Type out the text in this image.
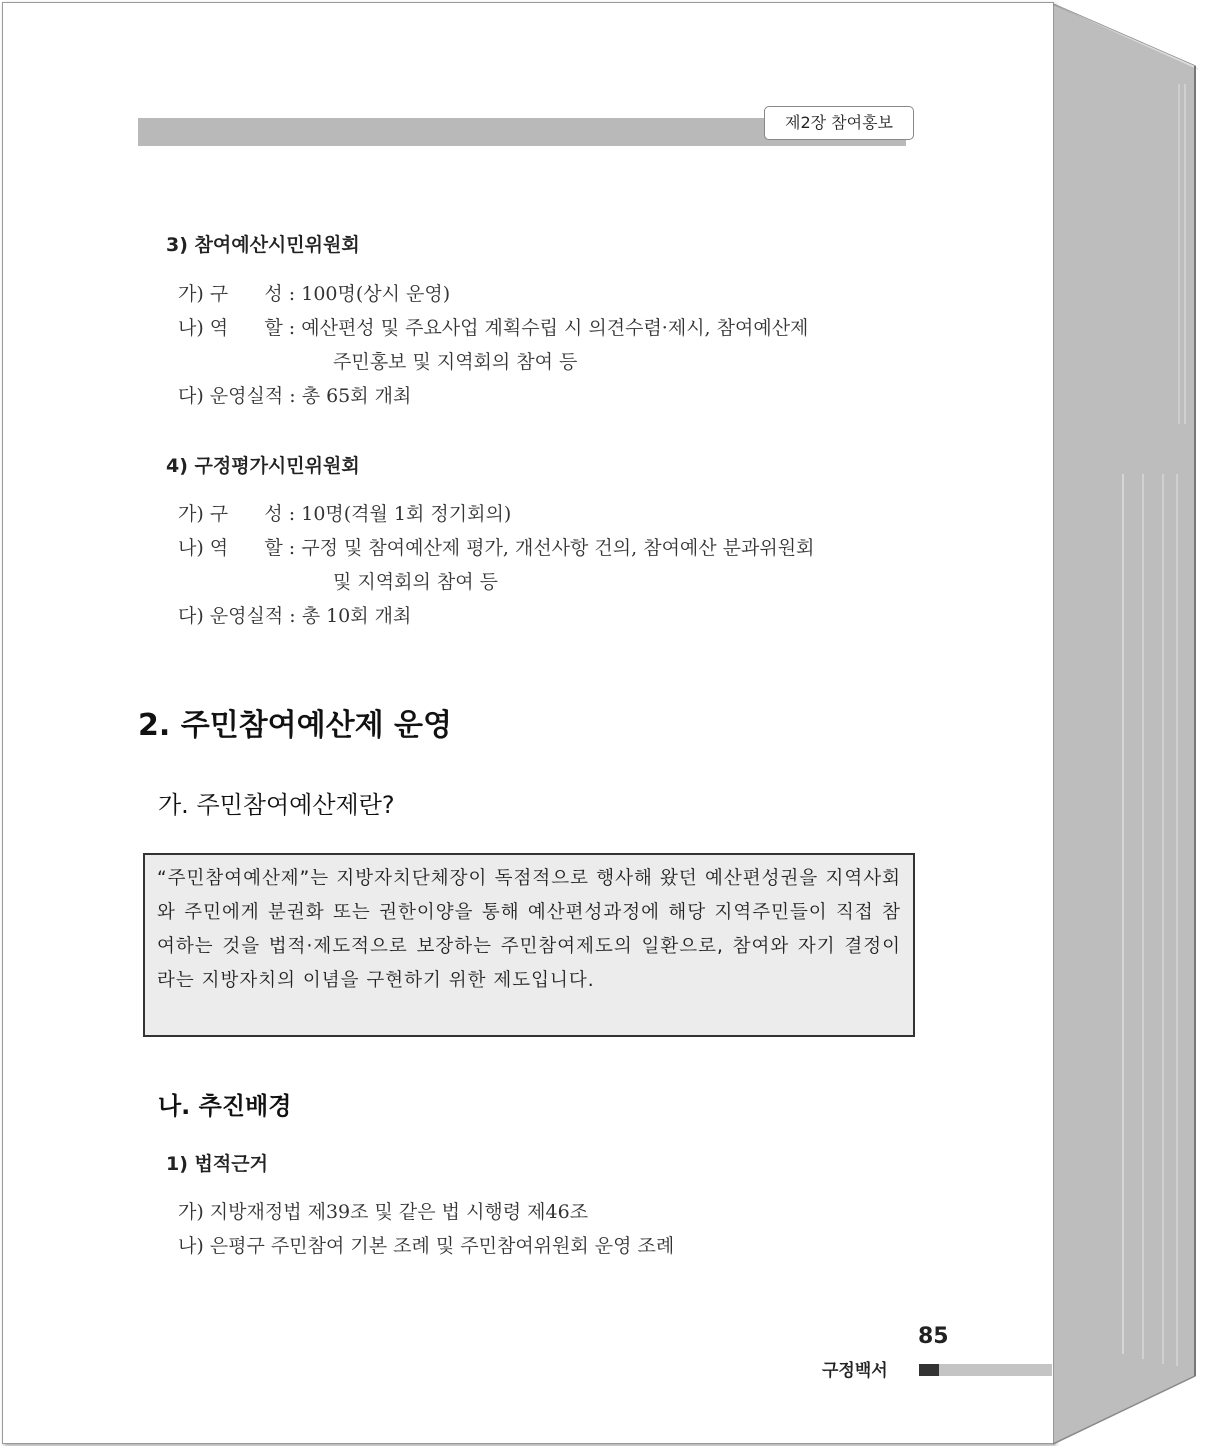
제2장 참여홍보
3) 참여예산시민위원회
가) 구      성 : 100명(상시 운영)
나) 역      할 : 예산편성 및 주요사업 계획수립 시 의견수렴·제시, 참여예산제
주민홍보 및 지역회의 참여 등
다) 운영실적 : 총 65회 개최
4) 구정평가시민위원회
가) 구      성 : 10명(격월 1회 정기회의)
나) 역      할 : 구정 및 참여예산제 평가, 개선사항 건의, 참여예산 분과위원회
및 지역회의 참여 등
다) 운영실적 : 총 10회 개최
2. 주민참여예산제 운영
가. 주민참여예산제란?
“주민참여예산제”는 지방자치단체장이 독점적으로 행사해 왔던 예산편성권을 지역사회와 주민에게 분권화 또는 권한이양을 통해 예산편성과정에 해당 지역주민들이 직접 참여하는 것을 법적·제도적으로 보장하는 주민참여제도의 일환으로, 참여와 자기 결정이라는 지방자치의 이념을 구현하기 위한 제도입니다.
나. 추진배경
1) 법적근거
가) 지방재정법 제39조 및 같은 법 시행령 제46조
나) 은평구 주민참여 기본 조례 및 주민참여위원회 운영 조례
85
구정백서
